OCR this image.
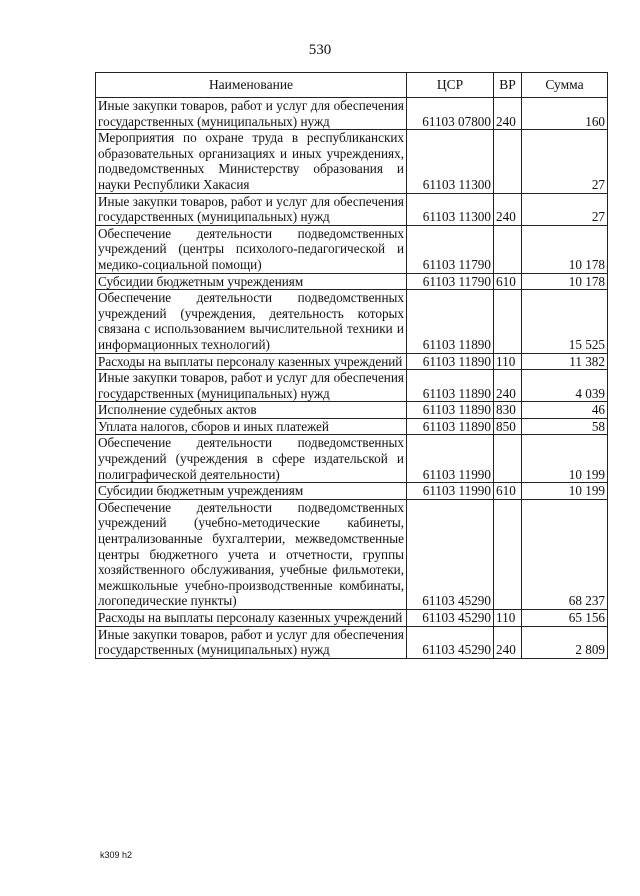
530
Наименование	ЦСР	ВР	Сумма
Иные закупки товаров, работ и услуг для обеспечения государственных (муниципальных) нужд	61103 07800	240	160
Мероприятия по охране труда в республиканских образовательных организациях и иных учреждениях, подведомственных Министерству образования и науки Республики Хакасия	61103 11300		27
Иные закупки товаров, работ и услуг для обеспечения государственных (муниципальных) нужд	61103 11300	240	27
Обеспечение деятельности подведомственных учреждений (центры психолого-педагогической и медико-социальной помощи)	61103 11790		10 178
Субсидии бюджетным учреждениям	61103 11790	610	10 178
Обеспечение деятельности подведомственных учреждений (учреждения, деятельность которых связана с использованием вычислительной техники и информационных технологий)	61103 11890		15 525
Расходы на выплаты персоналу казенных учреждений	61103 11890	110	11 382
Иные закупки товаров, работ и услуг для обеспечения государственных (муниципальных) нужд	61103 11890	240	4 039
Исполнение судебных актов	61103 11890	830	46
Уплата налогов, сборов и иных платежей	61103 11890	850	58
Обеспечение деятельности подведомственных учреждений (учреждения в сфере издательской и полиграфической деятельности)	61103 11990		10 199
Субсидии бюджетным учреждениям	61103 11990	610	10 199
Обеспечение деятельности подведомственных учреждений (учебно-методические кабинеты, централизованные бухгалтерии, межведомственные центры бюджетного учета и отчетности, группы хозяйственного обслуживания, учебные фильмотеки, межшкольные учебно-производственные комбинаты, логопедические пункты)	61103 45290		68 237
Расходы на выплаты персоналу казенных учреждений	61103 45290	110	65 156
Иные закупки товаров, работ и услуг для обеспечения государственных (муниципальных) нужд	61103 45290	240	2 809
k309 h2
